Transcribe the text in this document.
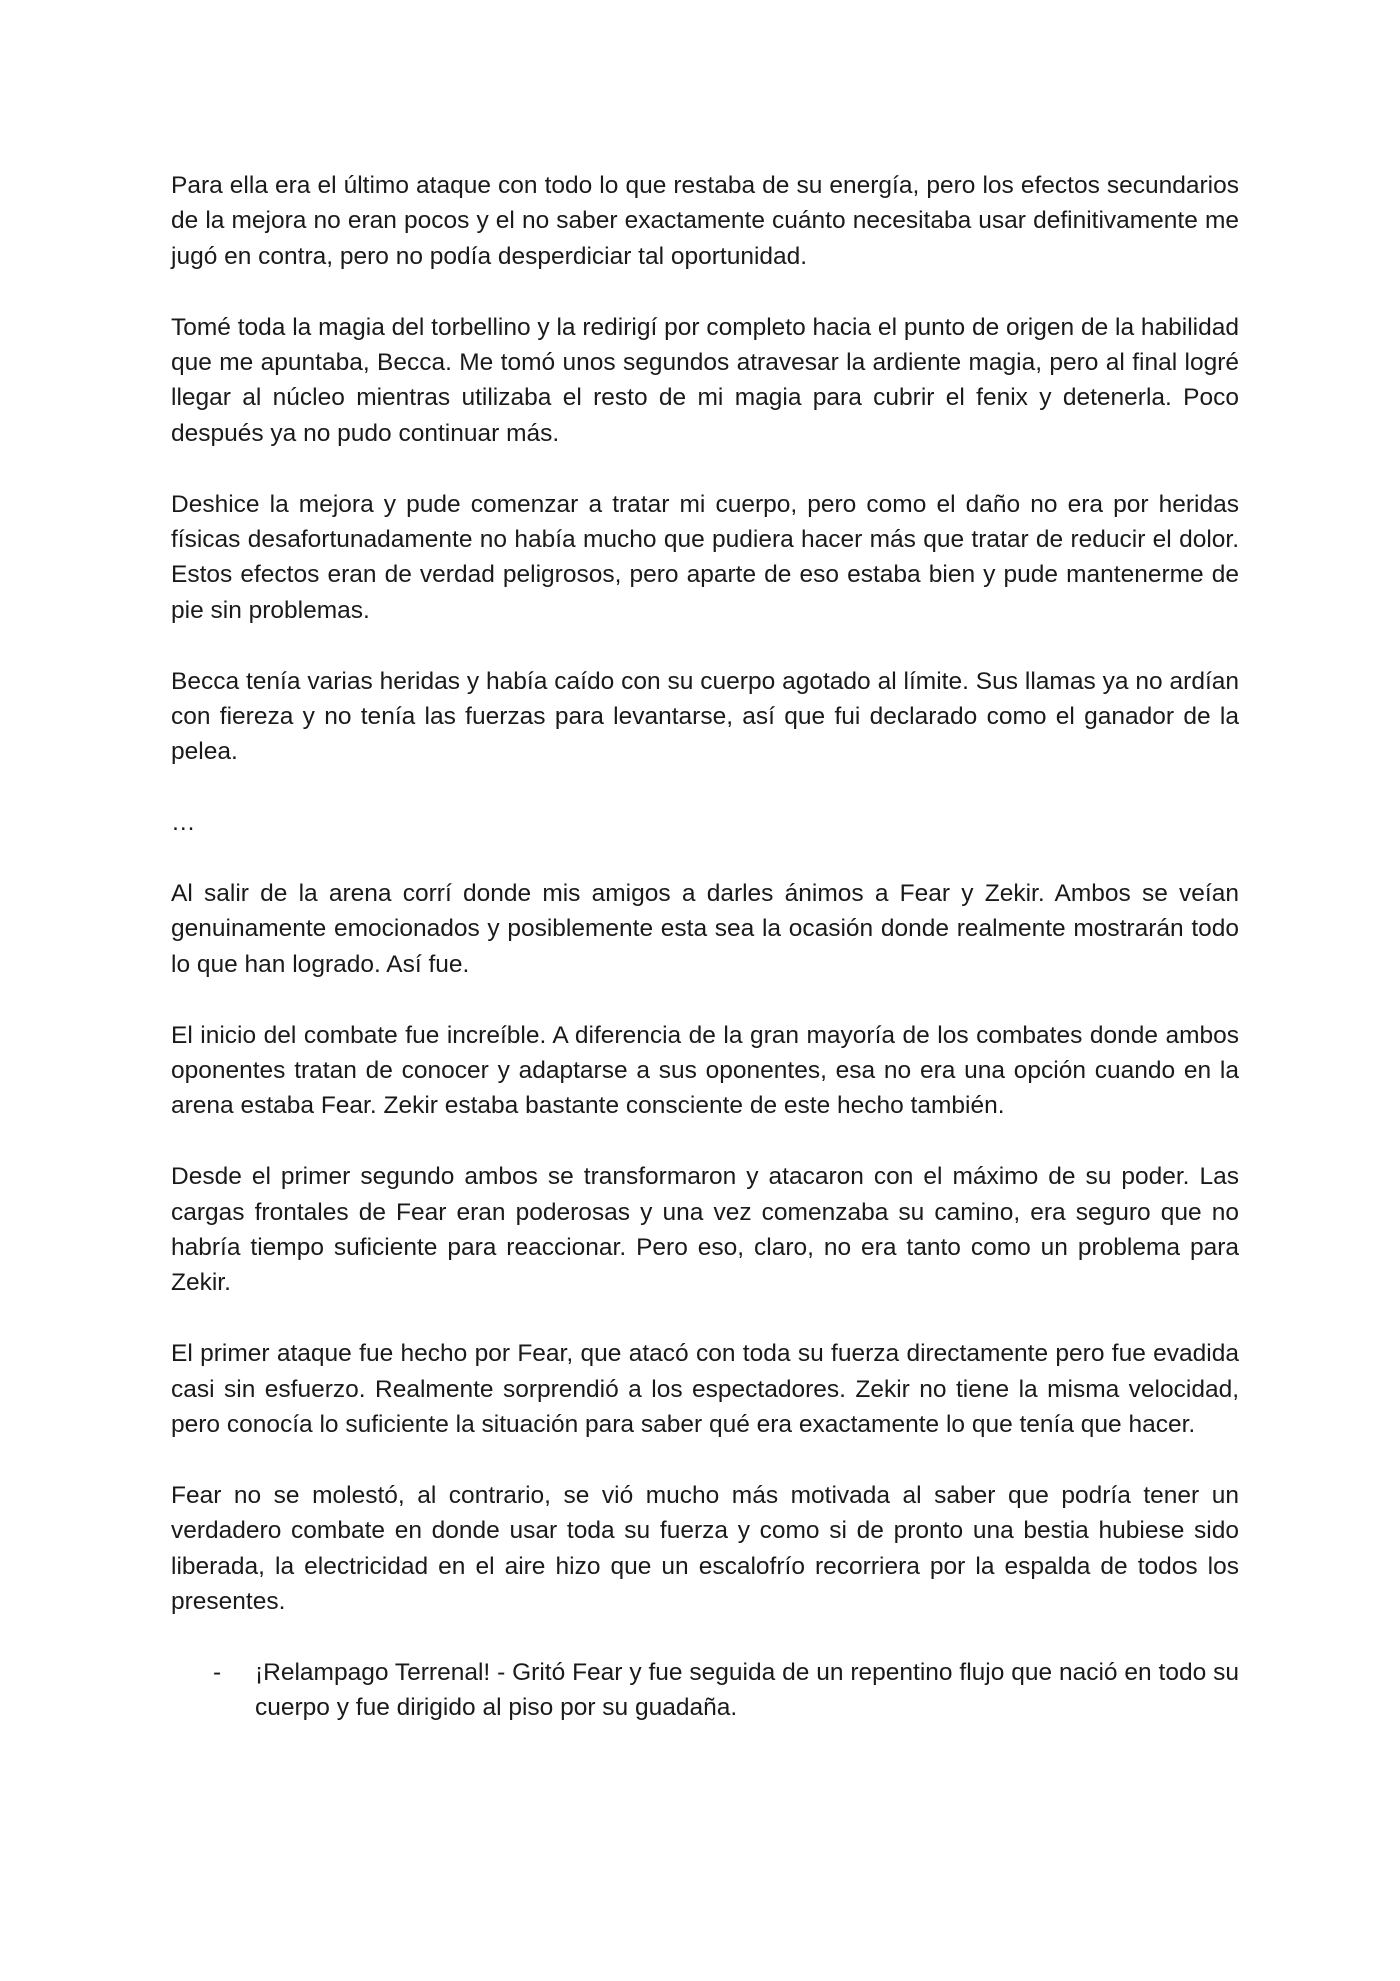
Para ella era el último ataque con todo lo que restaba de su energía, pero los efectos secundarios de la mejora no eran pocos y el no saber exactamente cuánto necesitaba usar definitivamente me jugó en contra, pero no podía desperdiciar tal oportunidad.

Tomé toda la magia del torbellino y la redirigí por completo hacia el punto de origen de la habilidad que me apuntaba, Becca. Me tomó unos segundos atravesar la ardiente magia, pero al final logré llegar al núcleo mientras utilizaba el resto de mi magia para cubrir el fenix y detenerla. Poco después ya no pudo continuar más.

Deshice la mejora y pude comenzar a tratar mi cuerpo, pero como el daño no era por heridas físicas desafortunadamente no había mucho que pudiera hacer más que tratar de reducir el dolor. Estos efectos eran de verdad peligrosos, pero aparte de eso estaba bien y pude mantenerme de pie sin problemas.

Becca tenía varias heridas y había caído con su cuerpo agotado al límite. Sus llamas ya no ardían con fiereza y no tenía las fuerzas para levantarse, así que fui declarado como el ganador de la pelea.

…

Al salir de la arena corrí donde mis amigos a darles ánimos a Fear y Zekir. Ambos se veían genuinamente emocionados y posiblemente esta sea la ocasión donde realmente mostrarán todo lo que han logrado. Así fue.

El inicio del combate fue increíble. A diferencia de la gran mayoría de los combates donde ambos oponentes tratan de conocer y adaptarse a sus oponentes, esa no era una opción cuando en la arena estaba Fear. Zekir estaba bastante consciente de este hecho también.

Desde el primer segundo ambos se transformaron y atacaron con el máximo de su poder. Las cargas frontales de Fear eran poderosas y una vez comenzaba su camino, era seguro que no habría tiempo suficiente para reaccionar. Pero eso, claro, no era tanto como un problema para Zekir.

El primer ataque fue hecho por Fear, que atacó con toda su fuerza directamente pero fue evadida casi sin esfuerzo. Realmente sorprendió a los espectadores. Zekir no tiene la misma velocidad, pero conocía lo suficiente la situación para saber qué era exactamente lo que tenía que hacer.

Fear no se molestó, al contrario, se vió mucho más motivada al saber que podría tener un verdadero combate en donde usar toda su fuerza y como si de pronto una bestia hubiese sido liberada, la electricidad en el aire hizo que un escalofrío recorriera por la espalda de todos los presentes.

- ¡Relampago Terrenal! - Gritó Fear y fue seguida de un repentino flujo que nació en todo su cuerpo y fue dirigido al piso por su guadaña.
